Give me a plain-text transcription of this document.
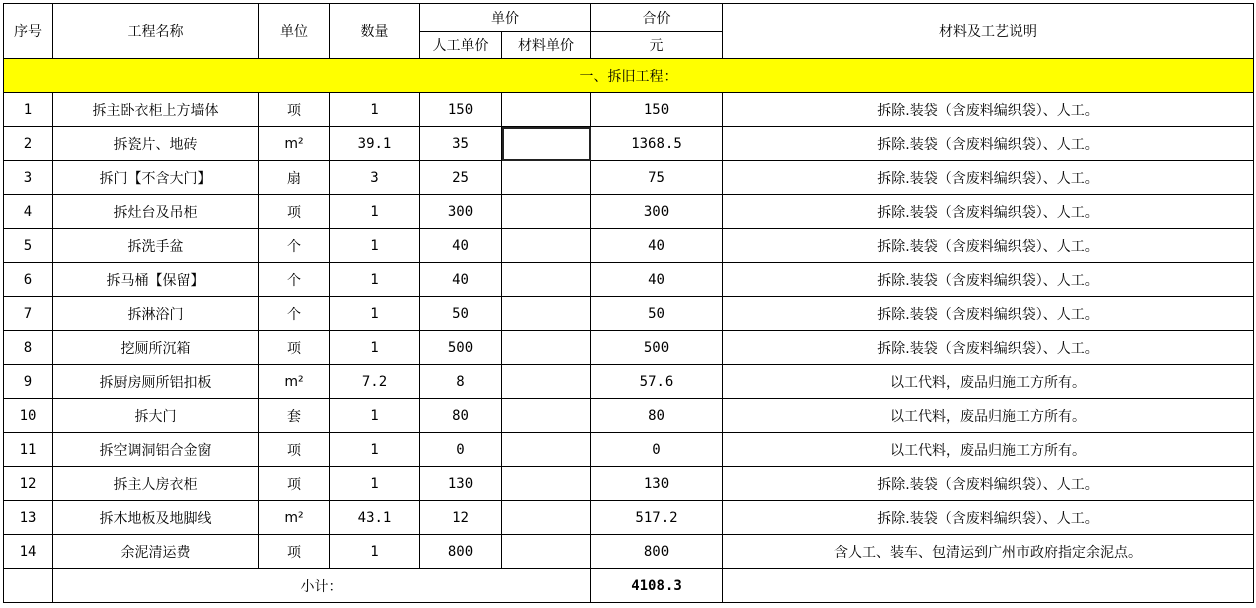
序号	工程名称	单位	数量	单价		合价	材料及工艺说明
				人工单价	材料单价	元	
一、拆旧工程：							
1	拆主卧衣柜上方墙体	项	1	150		150	拆除.装袋（含废料编织袋）、人工。
2	拆瓷片、地砖	m²	39.1	35		1368.5	拆除.装袋（含废料编织袋）、人工。
3	拆门【不含大门】	扇	3	25		75	拆除.装袋（含废料编织袋）、人工。
4	拆灶台及吊柜	项	1	300		300	拆除.装袋（含废料编织袋）、人工。
5	拆洗手盆	个	1	40		40	拆除.装袋（含废料编织袋）、人工。
6	拆马桶【保留】	个	1	40		40	拆除.装袋（含废料编织袋）、人工。
7	拆淋浴门	个	1	50		50	拆除.装袋（含废料编织袋）、人工。
8	挖厕所沉箱	项	1	500		500	拆除.装袋（含废料编织袋）、人工。
9	拆厨房厕所铝扣板	m²	7.2	8		57.6	以工代料，废品归施工方所有。
10	拆大门	套	1	80		80	以工代料，废品归施工方所有。
11	拆空调洞铝合金窗	项	1	0		0	以工代料，废品归施工方所有。
12	拆主人房衣柜	项	1	130		130	拆除.装袋（含废料编织袋）、人工。
13	拆木地板及地脚线	m²	43.1	12		517.2	拆除.装袋（含废料编织袋）、人工。
14	余泥清运费	项	1	800		800	含人工、装车、包清运到广州市政府指定余泥点。
	小计：					4108.3	
